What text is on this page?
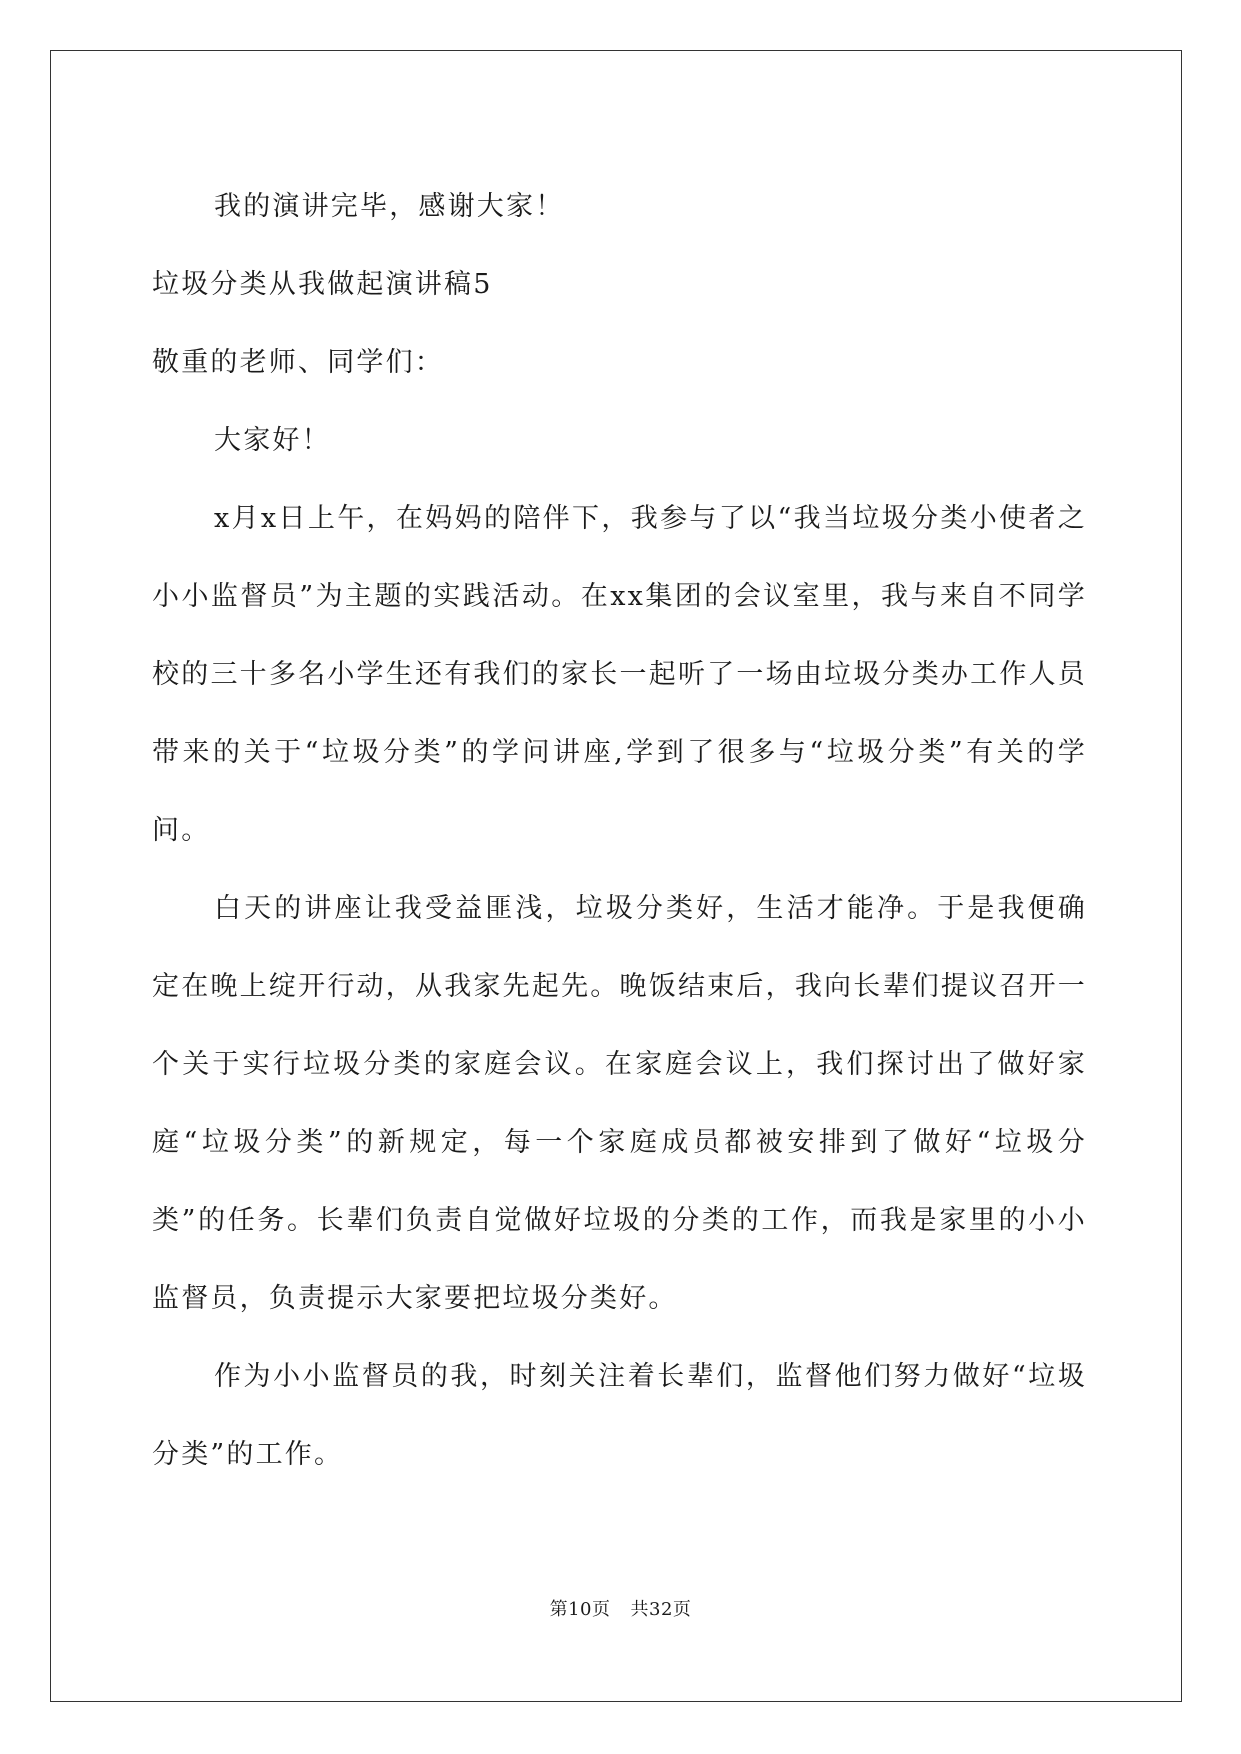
我的演讲完毕，感谢大家！

垃圾分类从我做起演讲稿5

敬重的老师、同学们：

大家好！

x月x日上午，在妈妈的陪伴下，我参与了以“我当垃圾分类小使者之小小监督员”为主题的实践活动。在xx集团的会议室里，我与来自不同学校的三十多名小学生还有我们的家长一起听了一场由垃圾分类办工作人员带来的关于“垃圾分类”的学问讲座,学到了很多与“垃圾分类”有关的学问。

白天的讲座让我受益匪浅，垃圾分类好，生活才能净。于是我便确定在晚上绽开行动，从我家先起先。晚饭结束后，我向长辈们提议召开一个关于实行垃圾分类的家庭会议。在家庭会议上，我们探讨出了做好家庭“垃圾分类”的新规定，每一个家庭成员都被安排到了做好“垃圾分类”的任务。长辈们负责自觉做好垃圾的分类的工作，而我是家里的小小监督员，负责提示大家要把垃圾分类好。

作为小小监督员的我，时刻关注着长辈们，监督他们努力做好“垃圾分类”的工作。

第10页 共32页
